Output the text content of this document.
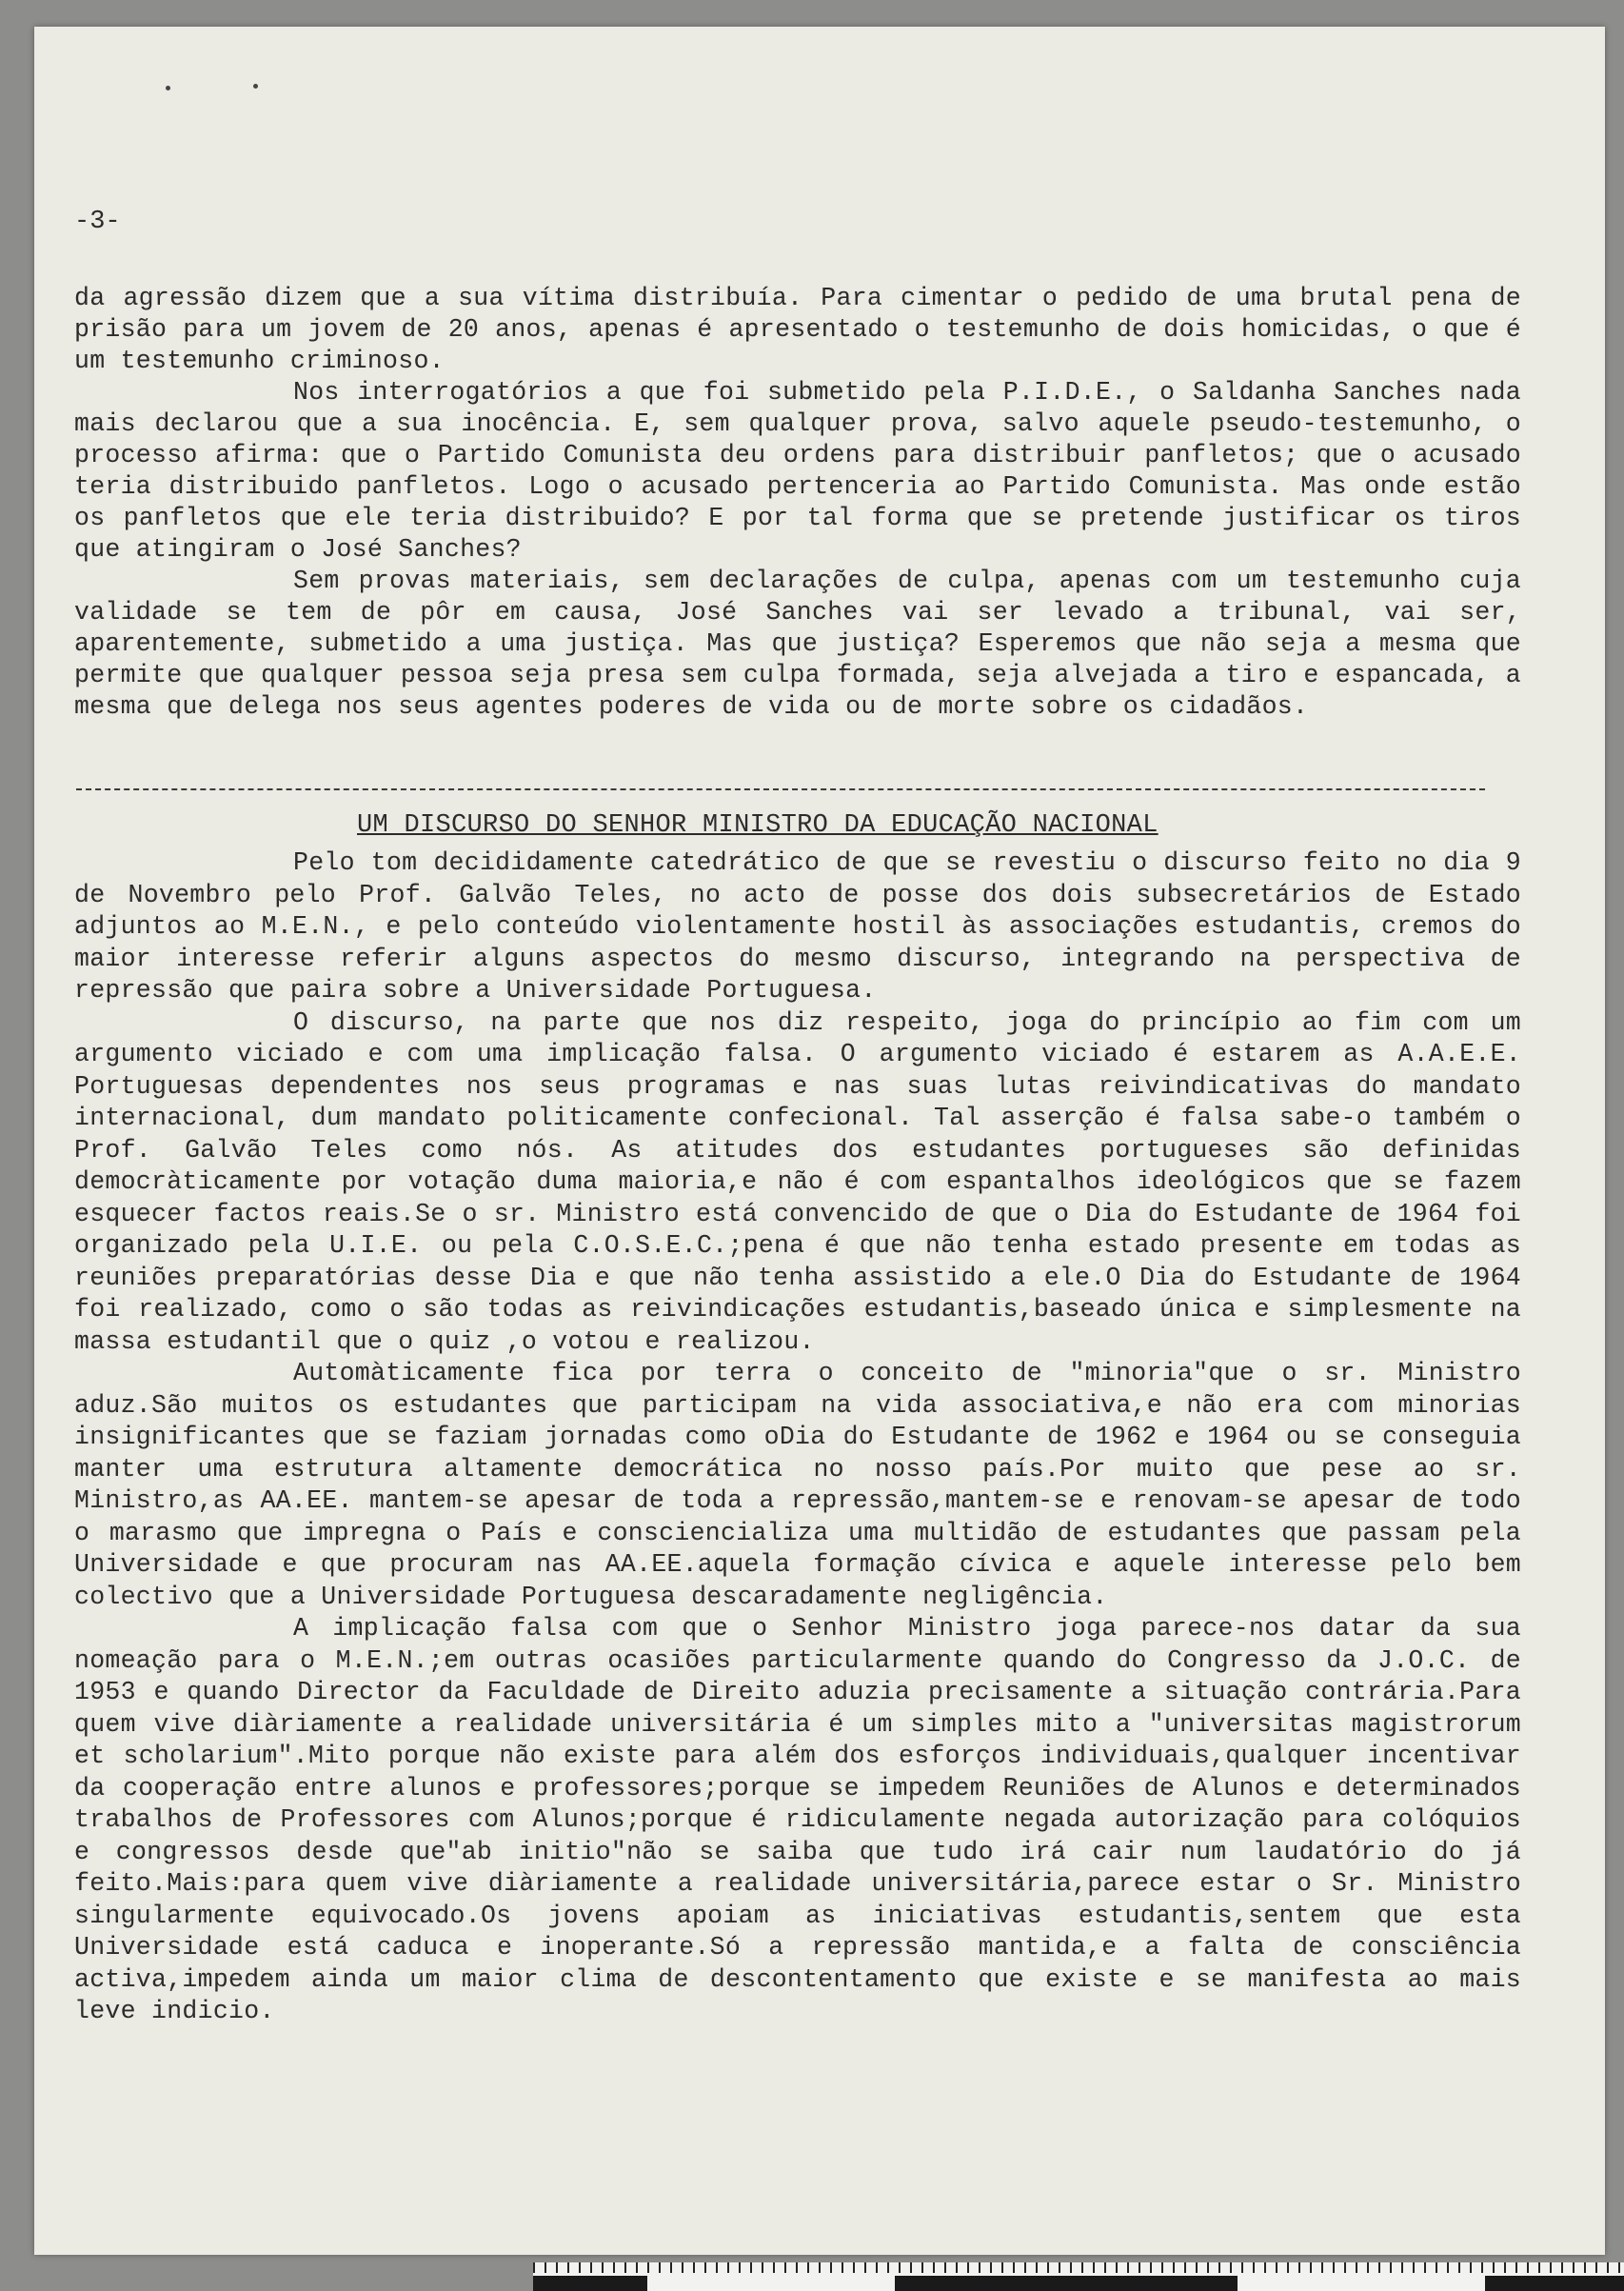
-3-

da agressão dizem que a sua vítima distribuía. Para cimentar o pedido de uma brutal pena de prisão para um jovem de 20 anos, apenas é apresentado o testemunho de dois homicidas, o que é um testemunho criminoso.

Nos interrogatórios a que foi submetido pela P.I.D.E., o Saldanha Sanches nada mais declarou que a sua inocência. E, sem qualquer prova, salvo aquele pseudo-testemunho, o processo afirma: que o Partido Comunista deu ordens para distribuir panfletos; que o acusado teria distribuido panfletos. Logo o acusado pertenceria ao Partido Comunista. Mas onde estão os panfletos que ele teria distribuido? E por tal forma que se pretende justificar os tiros que atingiram o José Sanches?

Sem provas materiais, sem declarações de culpa, apenas com um testemunho cuja validade se tem de pôr em causa, José Sanches vai ser levado a tribunal, vai ser, aparentemente, submetido a uma justiça. Mas que justiça? Esperemos que não seja a mesma que permite que qualquer pessoa seja presa sem culpa formada, seja alvejada a tiro e espancada, a mesma que delega nos seus agentes poderes de vida ou de morte sobre os cidadãos.

UM DISCURSO DO SENHOR MINISTRO DA EDUCAÇÃO NACIONAL

Pelo tom decididamente catedrático de que se revestiu o discurso feito no dia 9 de Novembro pelo Prof. Galvão Teles, no acto de posse dos dois subsecretários de Estado adjuntos ao M.E.N., e pelo conteúdo violentamente hostil às associações estudantis, cremos do maior interesse referir alguns aspectos do mesmo discurso, integrando na perspectiva de repressão que paira sobre a Universidade Portuguesa.

O discurso, na parte que nos diz respeito, joga do princípio ao fim com um argumento viciado e com uma implicação falsa. O argumento viciado é estarem as A.A.E.E. Portuguesas dependentes nos seus programas e nas suas lutas reivindicativas do mandato internacional, dum mandato politicamente confecional. Tal asserção é falsa sabe-o também o Prof. Galvão Teles como nós. As atitudes dos estudantes portugueses são definidas democràticamente por votação duma maioria,e não é com espantalhos ideológicos que se fazem esquecer factos reais.Se o sr. Ministro está convencido de que o Dia do Estudante de 1964 foi organizado pela U.I.E. ou pela C.O.S.E.C.;pena é que não tenha estado presente em todas as reuniões preparatórias desse Dia e que não tenha assistido a ele.O Dia do Estudante de 1964 foi realizado, como o são todas as reivindicações estudantis,baseado única e simplesmente na massa estudantil que o quiz ,o votou e realizou.

Automàticamente fica por terra o conceito de "minoria"que o sr. Ministro aduz.São muitos os estudantes que participam na vida associativa,e não era com minorias insignificantes que se faziam jornadas como oDia do Estudante de 1962 e 1964 ou se conseguia manter uma estrutura altamente democrática no nosso país.Por muito que pese ao sr. Ministro,as AA.EE. mantem-se apesar de toda a repressão,mantem-se e renovam-se apesar de todo o marasmo que impregna o País e consciencializa uma multidão de estudantes que passam pela Universidade e que procuram nas AA.EE.aquela formação cívica e aquele interesse pelo bem colectivo que a Universidade Portuguesa descaradamente negligência.

A implicação falsa com que o Senhor Ministro joga parece-nos datar da sua nomeação para o M.E.N.;em outras ocasiões particularmente quando do Congresso da J.O.C. de 1953 e quando Director da Faculdade de Direito aduzia precisamente a situação contrária.Para quem vive diàriamente a realidade universitária é um simples mito a "universitas magistrorum et scholarium".Mito porque não existe para além dos esforços individuais,qualquer incentivar da cooperação entre alunos e professores;porque se impedem Reuniões de Alunos e determinados trabalhos de Professores com Alunos;porque é ridiculamente negada autorização para colóquios e congressos desde que"ab initio"não se saiba que tudo irá cair num laudatório do já feito.Mais:para quem vive diàriamente a realidade universitária,parece estar o Sr. Ministro singularmente equivocado.Os jovens apoiam as iniciativas estudantis,sentem que esta Universidade está caduca e inoperante.Só a repressão mantida,e a falta de consciência activa,impedem ainda um maior clima de descontentamento que existe e se manifesta ao mais leve indicio.
